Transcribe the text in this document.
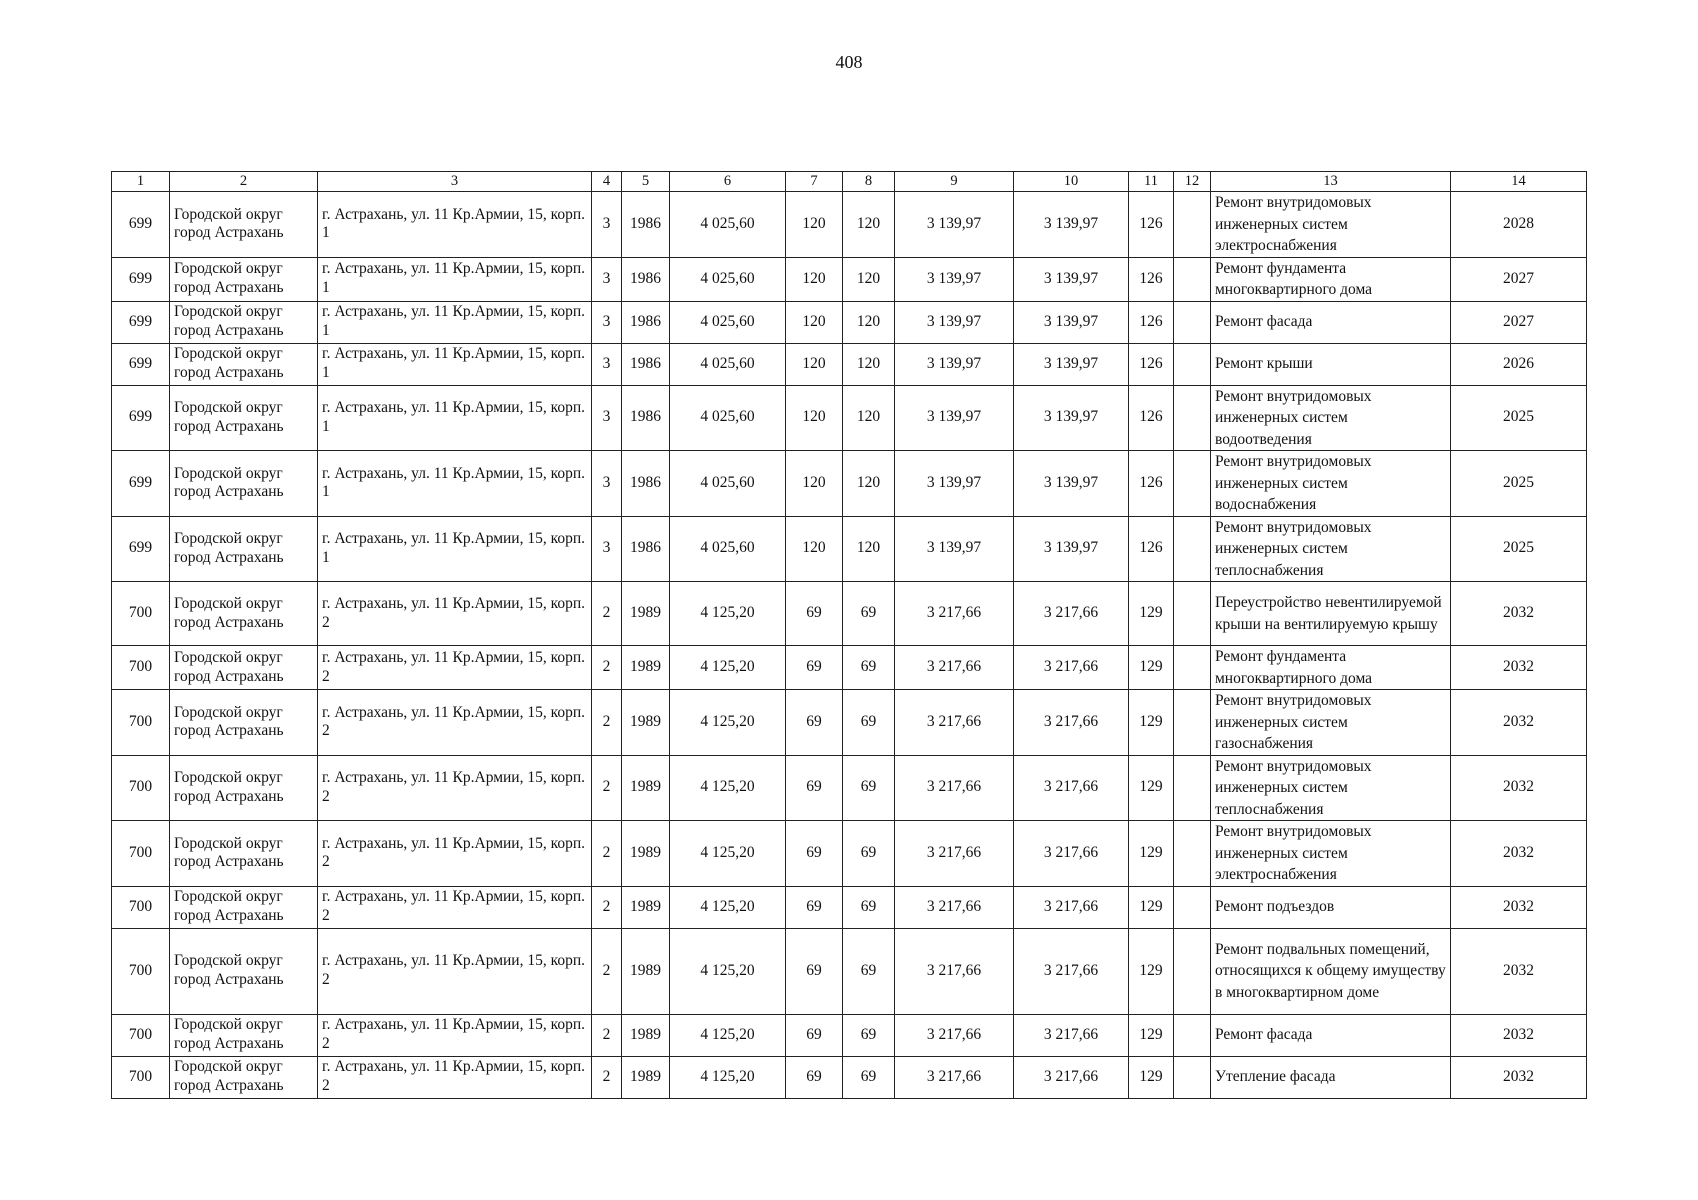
408
1	2	3	4	5	6	7	8	9	10	11	12	13	14
699	Городской округ город Астрахань	г. Астрахань, ул. 11 Кр.Армии, 15, корп. 1	3	1986	4 025,60	120	120	3 139,97	3 139,97	126		Ремонт внутридомовых инженерных систем электроснабжения	2028
699	Городской округ город Астрахань	г. Астрахань, ул. 11 Кр.Армии, 15, корп. 1	3	1986	4 025,60	120	120	3 139,97	3 139,97	126		Ремонт фундамента многоквартирного дома	2027
699	Городской округ город Астрахань	г. Астрахань, ул. 11 Кр.Армии, 15, корп. 1	3	1986	4 025,60	120	120	3 139,97	3 139,97	126		Ремонт фасада	2027
699	Городской округ город Астрахань	г. Астрахань, ул. 11 Кр.Армии, 15, корп. 1	3	1986	4 025,60	120	120	3 139,97	3 139,97	126		Ремонт крыши	2026
699	Городской округ город Астрахань	г. Астрахань, ул. 11 Кр.Армии, 15, корп. 1	3	1986	4 025,60	120	120	3 139,97	3 139,97	126		Ремонт внутридомовых инженерных систем водоотведения	2025
699	Городской округ город Астрахань	г. Астрахань, ул. 11 Кр.Армии, 15, корп. 1	3	1986	4 025,60	120	120	3 139,97	3 139,97	126		Ремонт внутридомовых инженерных систем водоснабжения	2025
699	Городской округ город Астрахань	г. Астрахань, ул. 11 Кр.Армии, 15, корп. 1	3	1986	4 025,60	120	120	3 139,97	3 139,97	126		Ремонт внутридомовых инженерных систем теплоснабжения	2025
700	Городской округ город Астрахань	г. Астрахань, ул. 11 Кр.Армии, 15, корп. 2	2	1989	4 125,20	69	69	3 217,66	3 217,66	129		Переустройство невентилируемой крыши на вентилируемую крышу	2032
700	Городской округ город Астрахань	г. Астрахань, ул. 11 Кр.Армии, 15, корп. 2	2	1989	4 125,20	69	69	3 217,66	3 217,66	129		Ремонт фундамента многоквартирного дома	2032
700	Городской округ город Астрахань	г. Астрахань, ул. 11 Кр.Армии, 15, корп. 2	2	1989	4 125,20	69	69	3 217,66	3 217,66	129		Ремонт внутридомовых инженерных систем газоснабжения	2032
700	Городской округ город Астрахань	г. Астрахань, ул. 11 Кр.Армии, 15, корп. 2	2	1989	4 125,20	69	69	3 217,66	3 217,66	129		Ремонт внутридомовых инженерных систем теплоснабжения	2032
700	Городской округ город Астрахань	г. Астрахань, ул. 11 Кр.Армии, 15, корп. 2	2	1989	4 125,20	69	69	3 217,66	3 217,66	129		Ремонт внутридомовых инженерных систем электроснабжения	2032
700	Городской округ город Астрахань	г. Астрахань, ул. 11 Кр.Армии, 15, корп. 2	2	1989	4 125,20	69	69	3 217,66	3 217,66	129		Ремонт подъездов	2032
700	Городской округ город Астрахань	г. Астрахань, ул. 11 Кр.Армии, 15, корп. 2	2	1989	4 125,20	69	69	3 217,66	3 217,66	129		Ремонт подвальных помещений, относящихся к общему имуществу в многоквартирном доме	2032
700	Городской округ город Астрахань	г. Астрахань, ул. 11 Кр.Армии, 15, корп. 2	2	1989	4 125,20	69	69	3 217,66	3 217,66	129		Ремонт фасада	2032
700	Городской округ город Астрахань	г. Астрахань, ул. 11 Кр.Армии, 15, корп. 2	2	1989	4 125,20	69	69	3 217,66	3 217,66	129		Утепление фасада	2032
